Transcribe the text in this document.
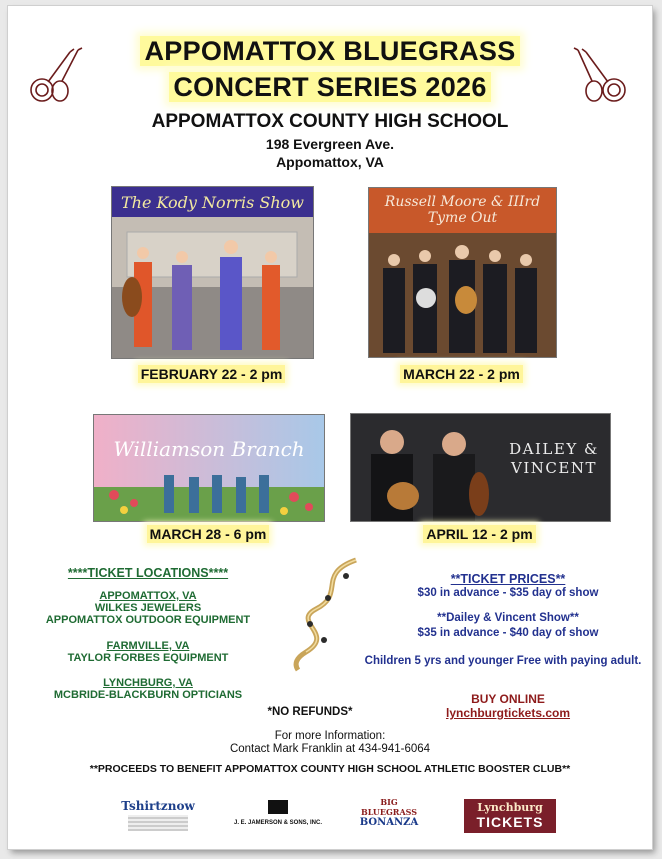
APPOMATTOX BLUEGRASS
CONCERT SERIES 2026
APPOMATTOX COUNTY HIGH SCHOOL
198 Evergreen Ave.
Appomattox, VA
The Kody Norris Show
FEBRUARY 22 - 2 pm
Russell Moore & IIIrd Tyme Out
MARCH 22 - 2 pm
Williamson Branch
MARCH 28 - 6 pm
DAILEY & VINCENT
APRIL 12 - 2 pm
****TICKET LOCATIONS****
APPOMATTOX, VA
WILKES JEWELERS
APPOMATTOX OUTDOOR EQUIPMENT
FARMVILLE, VA
TAYLOR FORBES EQUIPMENT
LYNCHBURG, VA
MCBRIDE-BLACKBURN OPTICIANS
**TICKET PRICES**
$30 in advance - $35 day of show
**Dailey & Vincent Show**
$35 in advance - $40 day of show
Children 5 yrs and younger Free with paying adult.
BUY ONLINE
lynchburgtickets.com
*NO REFUNDS*
For more Information:
Contact Mark Franklin at 434-941-6064
**PROCEEDS TO BENEFIT APPOMATTOX COUNTY HIGH SCHOOL ATHLETIC BOOSTER CLUB**
Tshirtznow
J. E. JAMERSON & SONS, INC.
BIG BLUEGRASS
BONANZA
Lynchburg
TICKETS
